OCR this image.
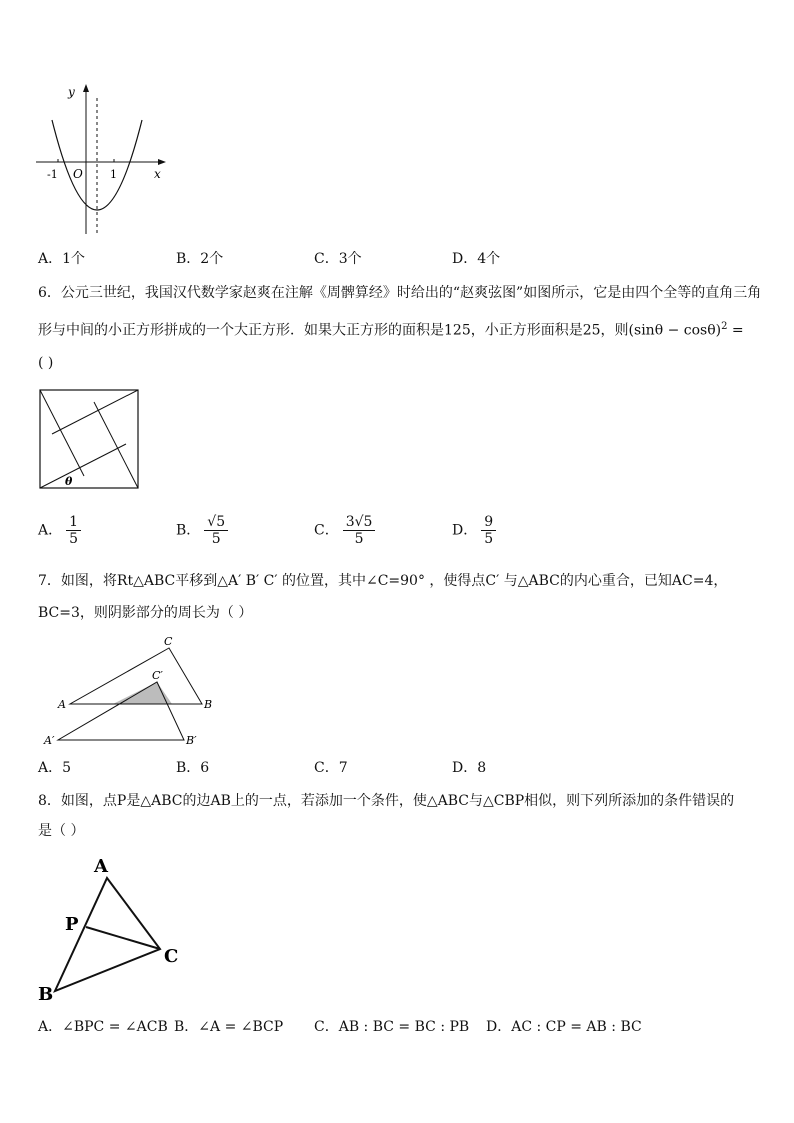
y
x
O
-1	1
A．1个	B．2个	C．3个	D．4个
6．公元三世纪，我国汉代数学家赵爽在注解《周髀算经》时给出的“赵爽弦图”如图所示，它是由四个全等的直角三角
形与中间的小正方形拼成的一个大正方形．如果大正方形的面积是125，小正方形面积是25，则$(\sin\theta - \cos\theta)^2$ =
( )
θ
A． $\frac{1}{5}$	B． $\frac{√5}{5}$	C． $\frac{3√5}{5}$	D． $\frac{9}{5}$
7．如图，将Rt△ABC平移到△A′ B′ C′ 的位置，其中∠C=90° ，使得点C′ 与△ABC的内心重合，已知AC=4，
BC=3，则阴影部分的周长为（ ）
C
C′
A	B
A′	B′
A．5	B．6	C．7	D．8
8．如图，点P是△ABC的边AB上的一点，若添加一个条件，使△ABC与△CBP相似，则下列所添加的条件错误的
是（ ）
A
P
C
B
A．∠BPC = ∠ACB B．∠A = ∠BCP C．AB : BC = BC : PB D．AC : CP = AB : BC
